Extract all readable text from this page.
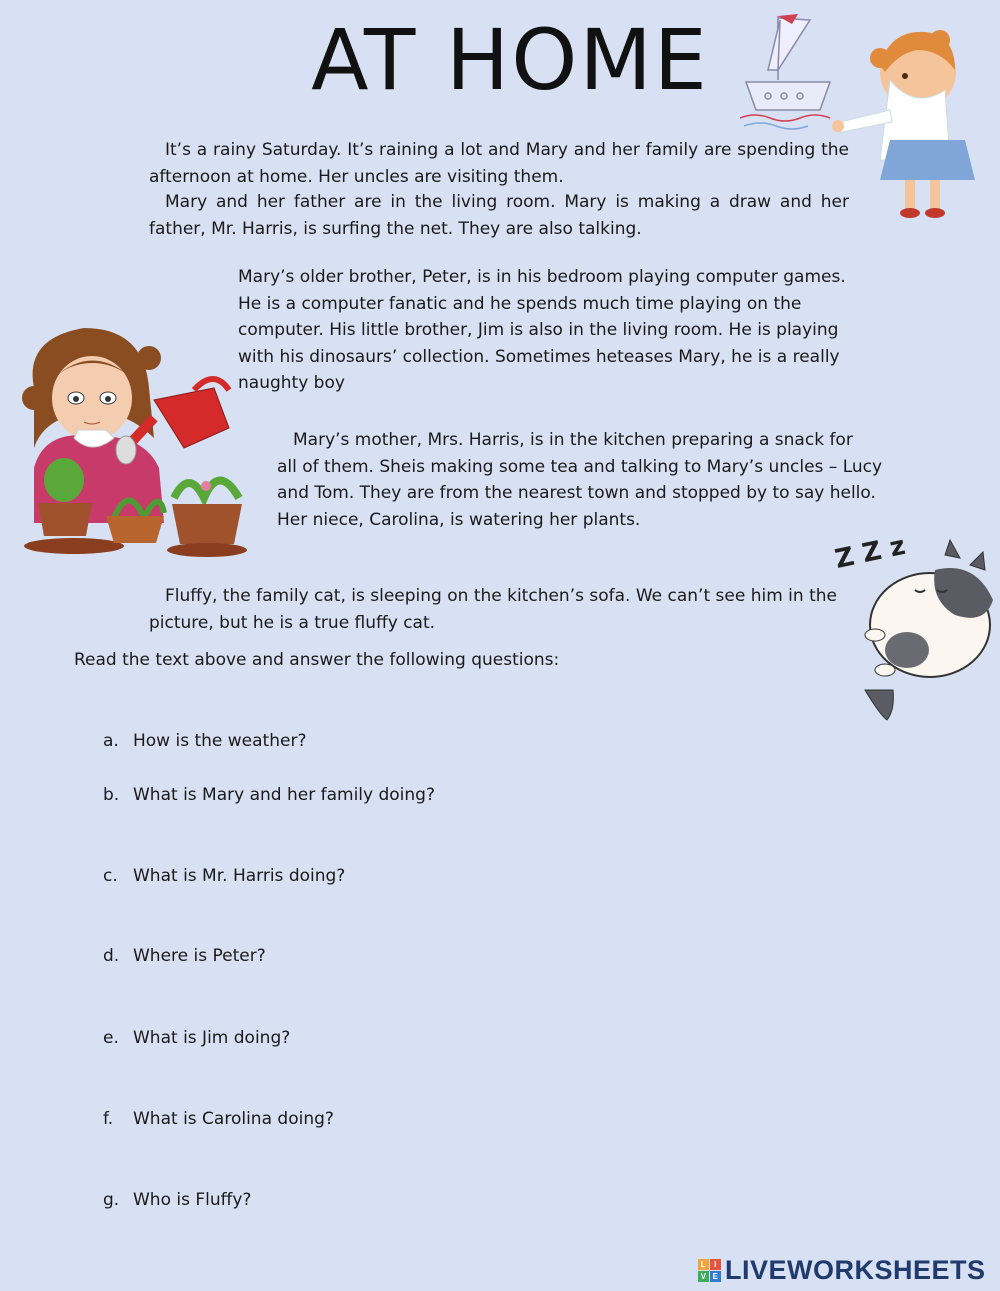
AT HOME

It’s a rainy Saturday. It’s raining a lot and Mary and her family are spending the afternoon at home. Her uncles are visiting them.

Mary and her father are in the living room. Mary is making a draw and her father, Mr. Harris, is surfing the net. They are also talking.

Mary’s older brother, Peter, is in his bedroom playing computer games.
He is a computer fanatic and he spends much time playing on the
computer. His little brother, Jim is also in the living room. He is playing
with his dinosaurs’ collection. Sometimes heteases Mary, he is a really
naughty boy
Mary’s mother, Mrs. Harris, is in the kitchen preparing a snack for
all of them. Sheis making some tea and talking to Mary’s uncles – Lucy
and Tom. They are from the nearest town and stopped by to say hello.
Her niece, Carolina, is watering her plants.
Z Z z
Fluffy, the family cat, is sleeping on the kitchen’s sofa. We can’t see him in the
picture, but he is a true fluffy cat.

Read the text above and answer the following questions:

a. How is the weather?

b. What is Mary and her family doing?

c. What is Mr. Harris doing?

d. Where is Peter?

e. What is Jim doing?

f. What is Carolina doing?

g. Who is Fluffy?

L I
V E LIVEWORKSHEETS
